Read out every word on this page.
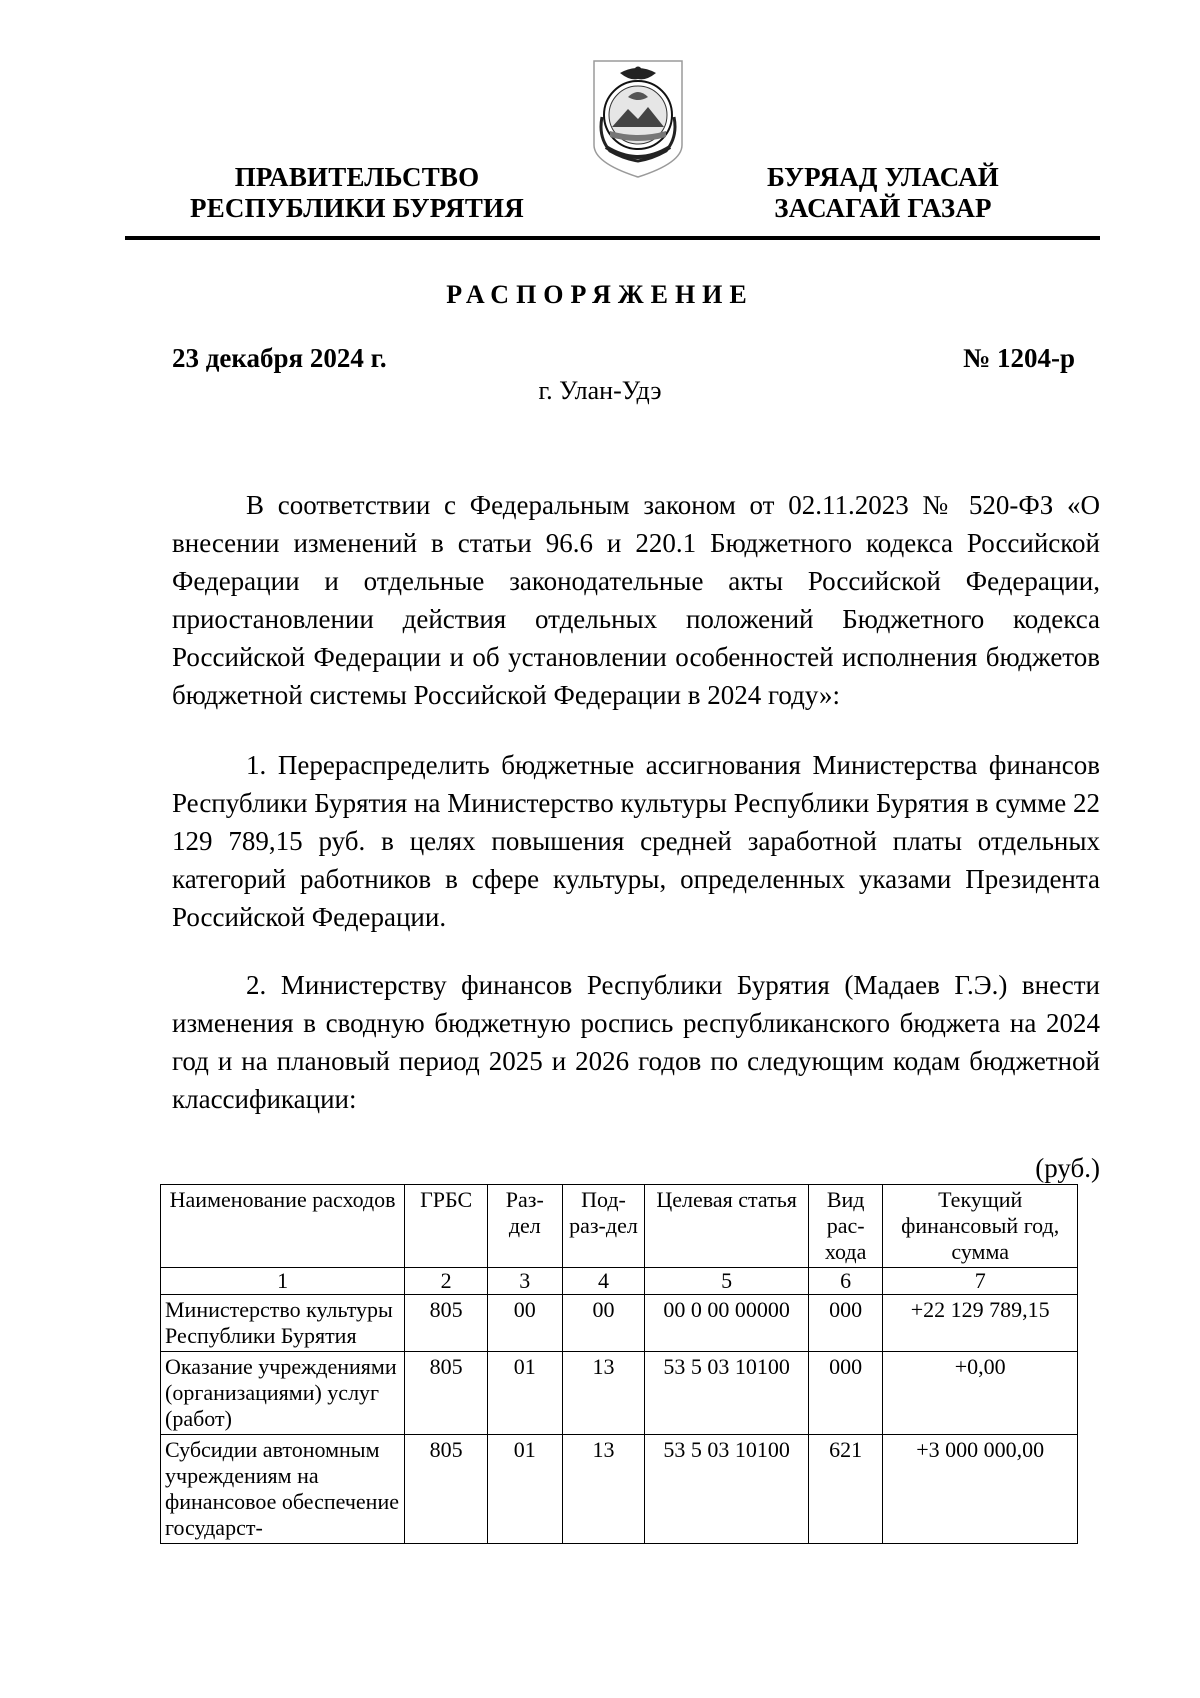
ПРАВИТЕЛЬСТВО
РЕСПУБЛИКИ БУРЯТИЯ
БУРЯАД УЛАСАЙ
ЗАСАГАЙ ГАЗАР
РАСПОРЯЖЕНИЕ
23 декабря 2024 г.	№ 1204-р
г. Улан-Удэ

В соответствии с Федеральным законом от 02.11.2023 № 520-ФЗ «О внесении изменений в статьи 96.6 и 220.1 Бюджетного кодекса Российской Федерации и отдельные законодательные акты Российской Федерации, приостановлении действия отдельных положений Бюджетного кодекса Российской Федерации и об установлении особенностей исполнения бюджетов бюджетной системы Российской Федерации в 2024 году»:

1. Перераспределить бюджетные ассигнования Министерства финансов Республики Бурятия на Министерство культуры Республики Бурятия в сумме 22 129 789,15 руб. в целях повышения средней заработной платы отдельных категорий работников в сфере культуры, определенных указами Президента Российской Федерации.

2. Министерству финансов Республики Бурятия (Мадаев Г.Э.) внести изменения в сводную бюджетную роспись республиканского бюджета на 2024 год и на плановый период 2025 и 2026 годов по следующим кодам бюджетной классификации:

(руб.)
Наименование расходов	ГРБС	Раз-дел	Под-раз-дел	Целевая статья	Вид рас-хода	Текущий финансовый год, сумма
1	2	3	4	5	6	7
Министерство культуры Республики Бурятия	805	00	00	00 0 00 00000	000	+22 129 789,15
Оказание учреждениями (организациями) услуг (работ)	805	01	13	53 5 03 10100	000	+0,00
Субсидии автономным учреждениям на финансовое обеспечение государст-	805	01	13	53 5 03 10100	621	+3 000 000,00
